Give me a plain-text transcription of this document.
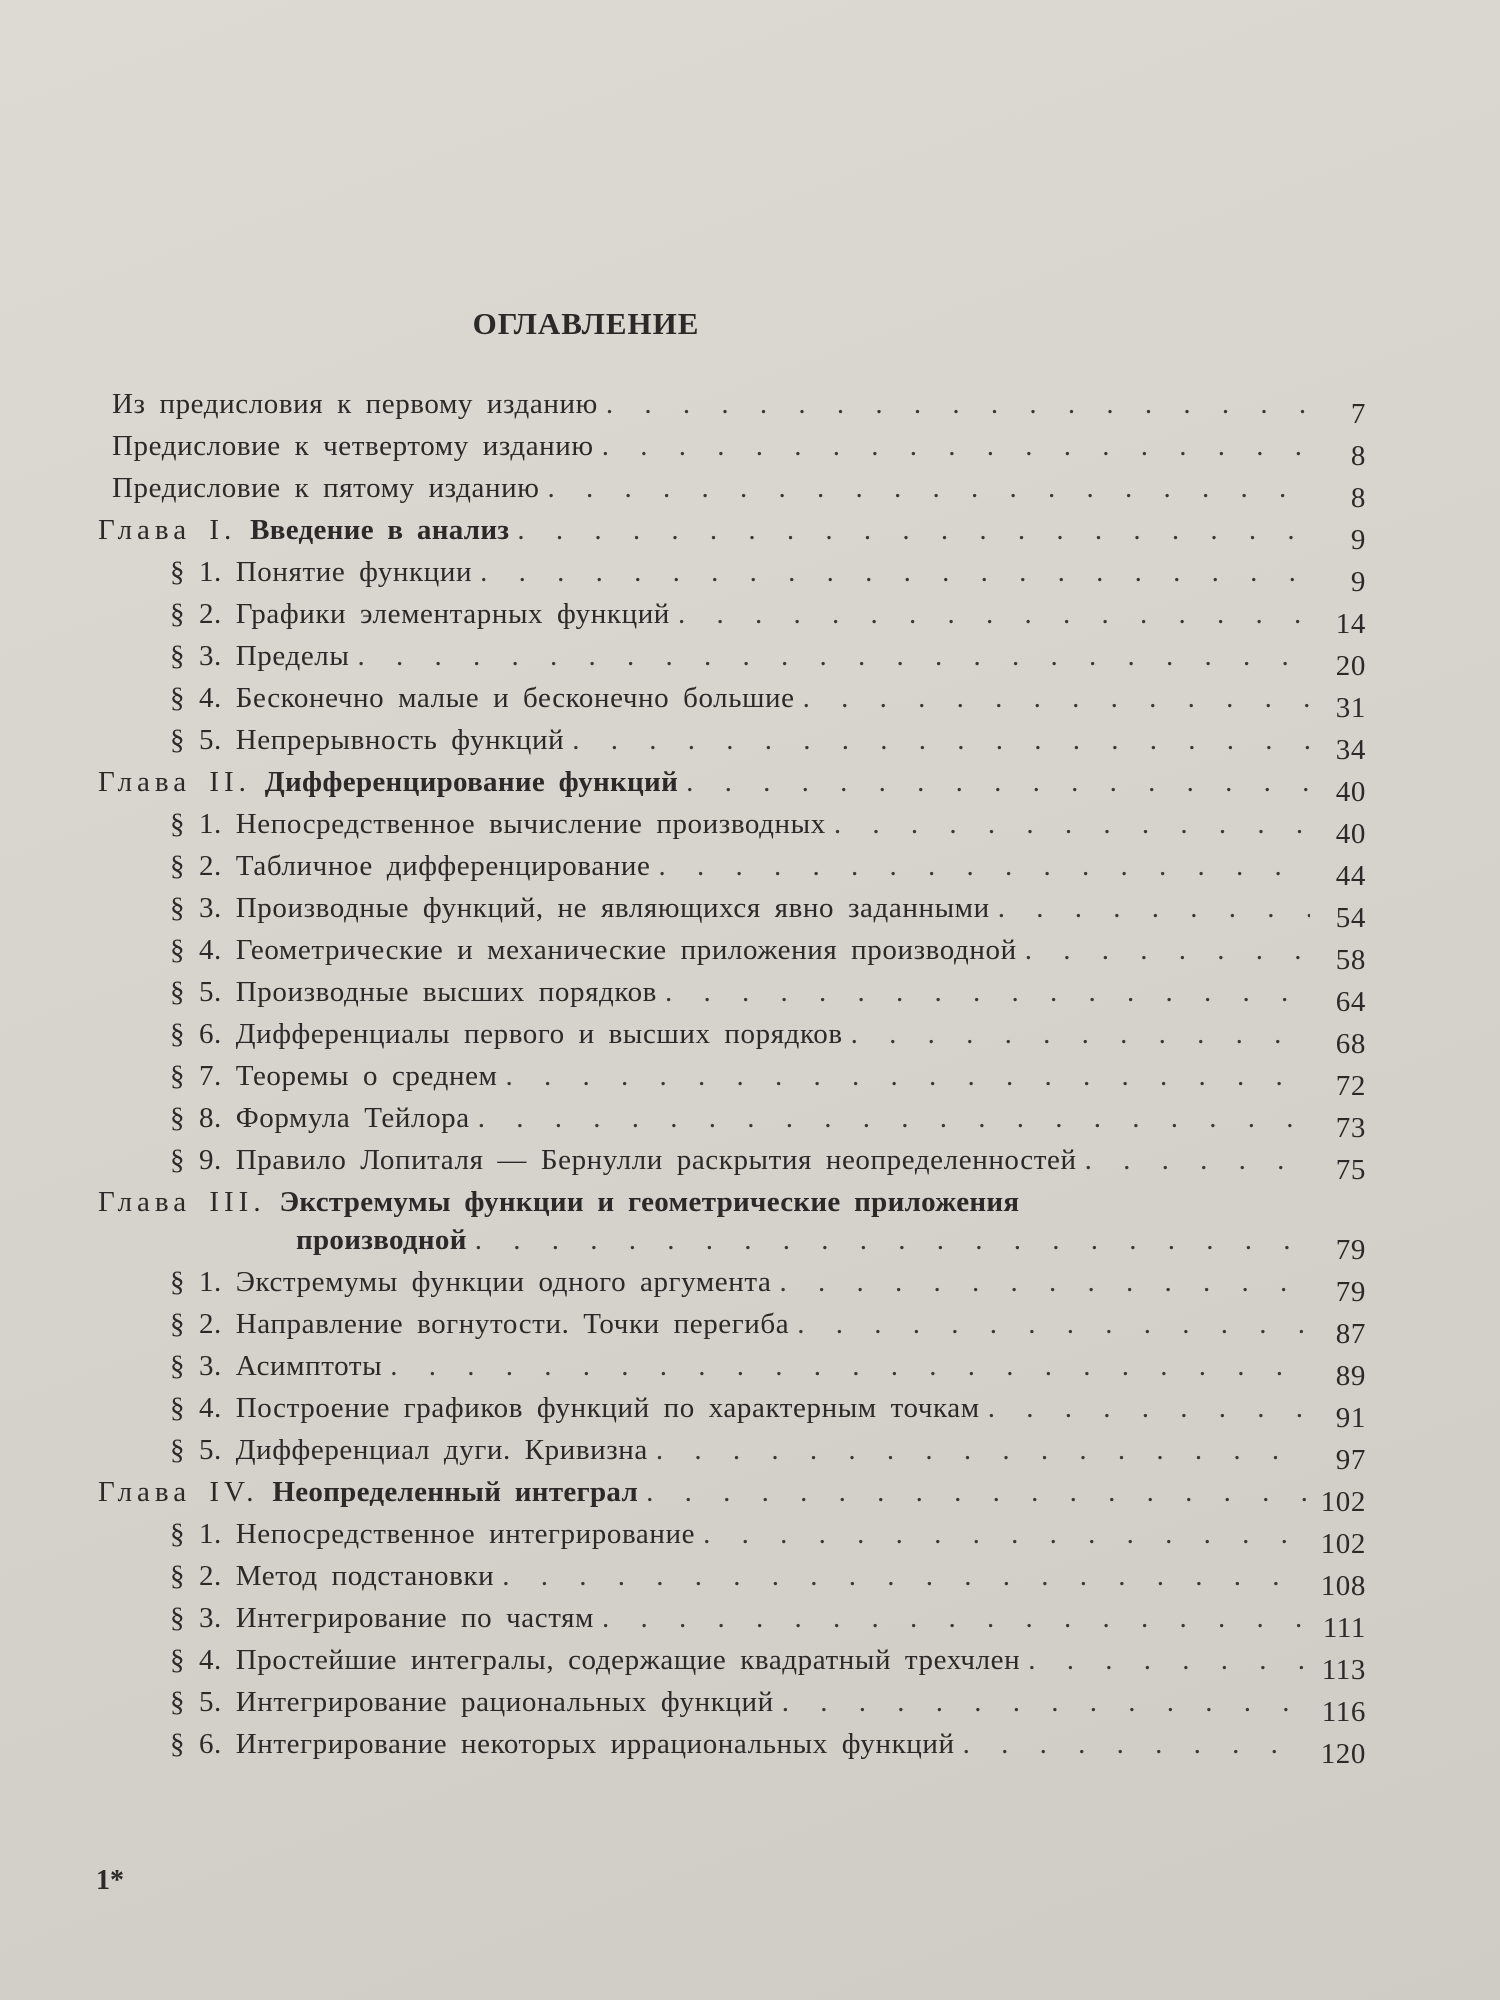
ОГЛАВЛЕНИЕ
Из предисловия к первому изданию . . .	7
Предисловие к четвертому изданию . . .	8
Предисловие к пятому изданию . . .	8
Глава I. Введение в анализ . . .	9
§ 1. Понятие функции . . .	9
§ 2. Графики элементарных функций . . .	14
§ 3. Пределы . . .	20
§ 4. Бесконечно малые и бесконечно большие . . .	31
§ 5. Непрерывность функций . . .	34
Глава II. Дифференцирование функций . . .	40
§ 1. Непосредственное вычисление производных . . .	40
§ 2. Табличное дифференцирование . . .	44
§ 3. Производные функций, не являющихся явно заданными . . .	54
§ 4. Геометрические и механические приложения производной . . .	58
§ 5. Производные высших порядков . . .	64
§ 6. Дифференциалы первого и высших порядков . . .	68
§ 7. Теоремы о среднем . . .	72
§ 8. Формула Тейлора . . .	73
§ 9. Правило Лопиталя — Бернулли раскрытия неопределенностей . . .	75
Глава III. Экстремумы функции и геометрические приложения
производной . . .	79
§ 1. Экстремумы функции одного аргумента . . .	79
§ 2. Направление вогнутости. Точки перегиба . . .	87
§ 3. Асимптоты . . .	89
§ 4. Построение графиков функций по характерным точкам . . .	91
§ 5. Дифференциал дуги. Кривизна . . .	97
Глава IV. Неопределенный интеграл . . .	102
§ 1. Непосредственное интегрирование . . .	102
§ 2. Метод подстановки . . .	108
§ 3. Интегрирование по частям . . .	111
§ 4. Простейшие интегралы, содержащие квадратный трехчлен . . .	113
§ 5. Интегрирование рациональных функций . . .	116
§ 6. Интегрирование некоторых иррациональных функций . . .	120
1*
